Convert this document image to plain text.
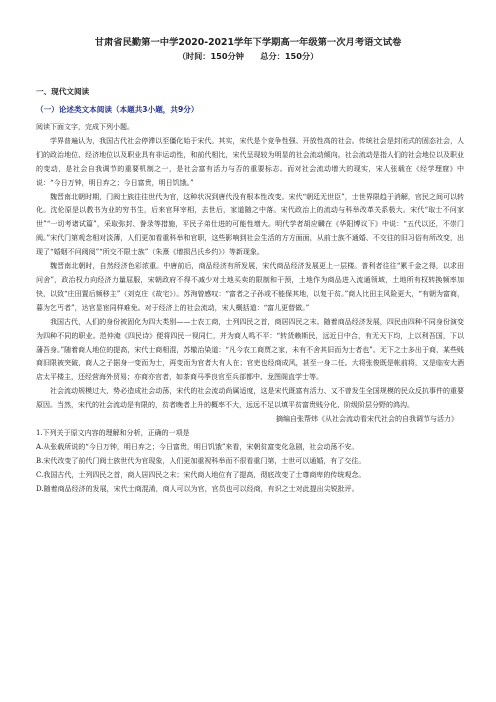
甘肃省民勤第一中学2020-2021学年下学期高一年级第一次月考语文试卷
（时间：150分钟　　总分：150分）
一、现代文阅读
（一）论述类文本阅读（本题共3小题，共9分）

阅读下面文字，完成下列小题。

学界普遍认为，我国古代社会停滞以至僵化始于宋代。其实，宋代是个竞争性强、开放性高的社会。传统社会是封闭式的固态社会，人们的政治地位、经济地位以及职业具有非运动性，和前代相比，宋代呈现较为明显的社会流动倾向。社会流动是指人们的社会地位以及职业的变动，是社会自我调节的重要机制之一，是社会富有活力与否的重要标志。而对社会流动增大的现实，宋人张载在《经学理窟》中说：“今日万钟，明日弃之；今日富贵，明日饥饿。”

魏晋南北朝时期，门阀士族往往世代为官，这种状况到唐代没有根本性改变。宋代“朝廷无世臣”，士世界限趋于消解，官民之间可以转化。沈伦原是以教书为业的穷书生，后来官拜宰相，去世后，家道随之中落。宋代政治上的流动与科举改革关系极大。宋代“取士不问家世”“一切考诸试篇”，采取弥封、誊录等措施，平民子弟仕进的可能性增大。明代学者胡应麟在《华阳博议下》中说：“五代以还，不崇门阀。”宋代门第观念相对淡薄，人们更加看重科举和官职，这些影响到社会生活的方方面面，从前士族不通婚、不交往的旧习俗有所改变，出现了“婚姻不问阀阅”“所交不限士族”（朱熹《增损吕氏乡约》）等新现象。

魏晋南北朝时，自然经济色彩浓重。中唐前后，商品经济有所发展，宋代商品经济发展更上一层楼。普利者往往“累千金之得，以求田问舍”，政治权力向经济力量屈服，宋朝政府不得不减少对土地买卖的限制和干预，土地作为商品进入流通领域，土地所有权转换频率加快，以致“庄田置后频移主”（刘克庄《故宅》）。苏洵曾感叹：“富者之子孙或不能保其地，以复于贫。”商人比田主风险更大，“有朝为富商，暮为乞丐者”，达官显宦同样难免。对于经济上的社会流动，宋人概括道：“富儿更替做。”

我国古代，人们的身份被固化为四大类别——士农工商，士列四民之首，商居四民之末。随着商品经济发展，四民由四种不同身份演变为四种不同的职业。范仲淹《四民诗》便将四民一视同仁，并为商人鸣不平：“转货赖斯民，远近日中合，有无天下均，上以利吾国，下以藩吾身。”随着商人地位的提高，宋代士商相混，苏辙治染道：“凡今农工商贾之家，未有不舍其旧而为士者也”。无下之士多出于商，某些贱商旧限被突破，商人之子据身一变而为士，再变而为官者大有人在；官吏也经商成风，甚至一身二任。大将张俊既是帐前将，又是临安大酒店太平楼主，还经营海外贸易；亦商亦官者，如茶商马季良官至兵部都中、龙图阁直学士等。

社会流动规模过大，势必造成社会动荡，宋代的社会流动尚属适度，这是宋代既富有活力、又不曾发生全国规模的民众反抗事件的重要原因。当然，宋代的社会流动是有限的，贫者晚者上升的概率不大，远远不足以填平贫富贵贱分化、阶级阶层分野的鸿沟。

摘编自张帮炜《从社会流动看宋代社会的自我调节与活力》

1.下列关于原文内容的理解和分析，正确的一项是

A.从张载所说的“今日万钟，明日弃之；今日富贵，明日饥饿”来看，宋朝贫富变化急剧，社会动荡不安。

B.宋代改变了前代门阀士族世代为官现象，人们更加重视科举而不很看重门第，士世可以通婚，有了交往。

C.我国古代，士列四民之首，商人居四民之末；宋代商人地位有了提高，彻底改变了士尊商卑的传统观念。

D.随着商品经济的发展，宋代士商混淆，商人可以为官，官员也可以经商，有识之士对此提出尖锐批评。
